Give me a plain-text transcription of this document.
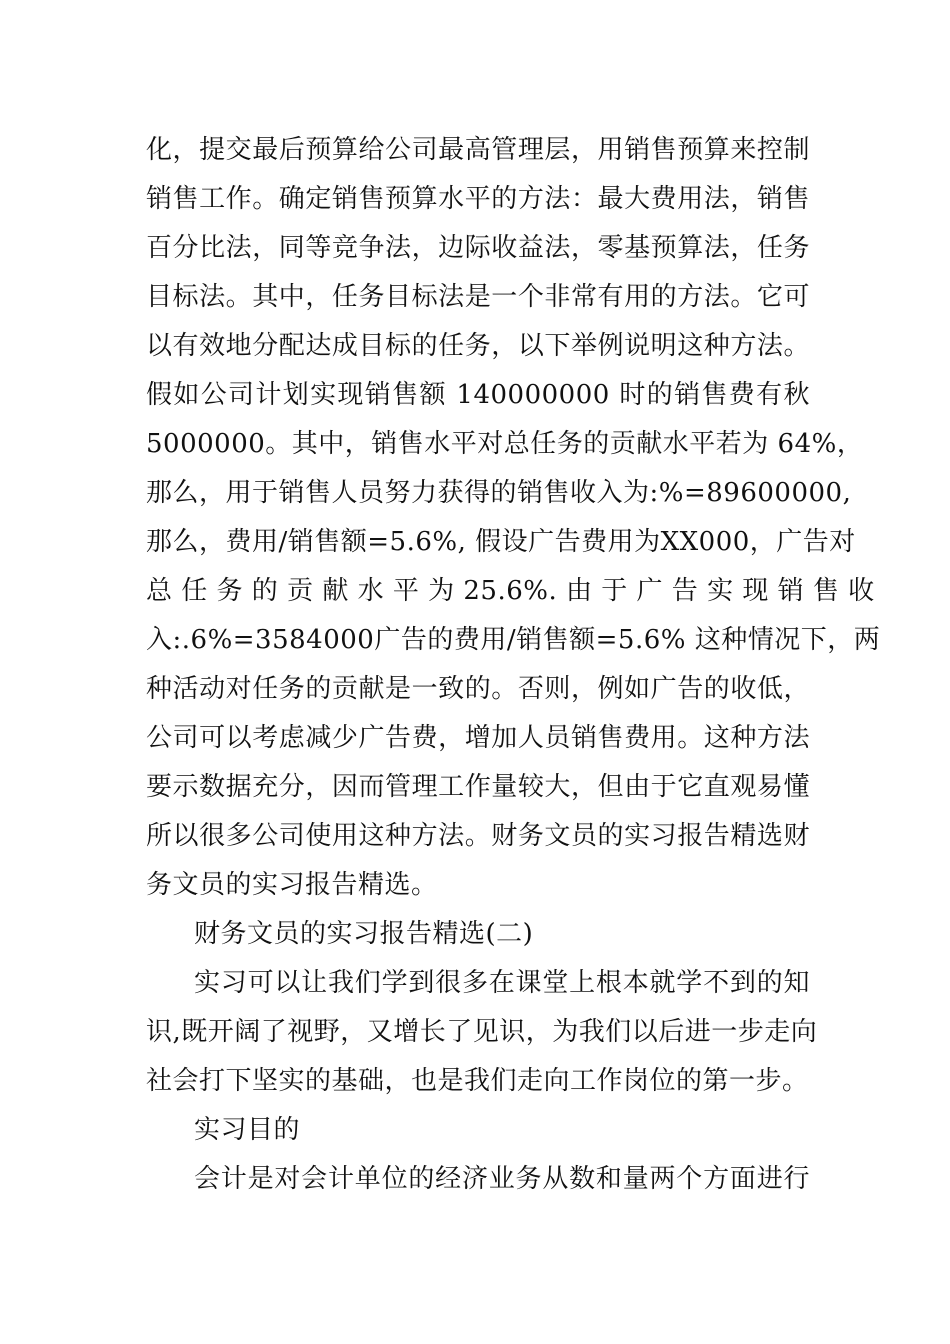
化，提交最后预算给公司最高管理层，用销售预算来控制
销售工作。确定销售预算水平的方法：最大费用法，销售
百分比法，同等竞争法，边际收益法，零基预算法，任务
目标法。其中，任务目标法是一个非常有用的方法。它可
以有效地分配达成目标的任务，以下举例说明这种方法。
假如公司计划实现销售额 140000000 时的销售费有秋
5000000。其中，销售水平对总任务的贡献水平若为 64%，
那么，用于销售人员努力获得的销售收入为:%=89600000,
那么，费用/销售额=5.6%, 假设广告费用为XX000，广告对
总 任 务 的 贡 献 水 平 为 25.6%. 由 于 广 告 实 现 销 售 收
入:.6%=3584000广告的费用/销售额=5.6% 这种情况下，两
种活动对任务的贡献是一致的。否则，例如广告的收低，
公司可以考虑减少广告费，增加人员销售费用。这种方法
要示数据充分，因而管理工作量较大，但由于它直观易懂
所以很多公司使用这种方法。财务文员的实习报告精选财
务文员的实习报告精选。
财务文员的实习报告精选(二)
实习可以让我们学到很多在课堂上根本就学不到的知
识,既开阔了视野，又增长了见识，为我们以后进一步走向
社会打下坚实的基础，也是我们走向工作岗位的第一步。
实习目的
会计是对会计单位的经济业务从数和量两个方面进行
